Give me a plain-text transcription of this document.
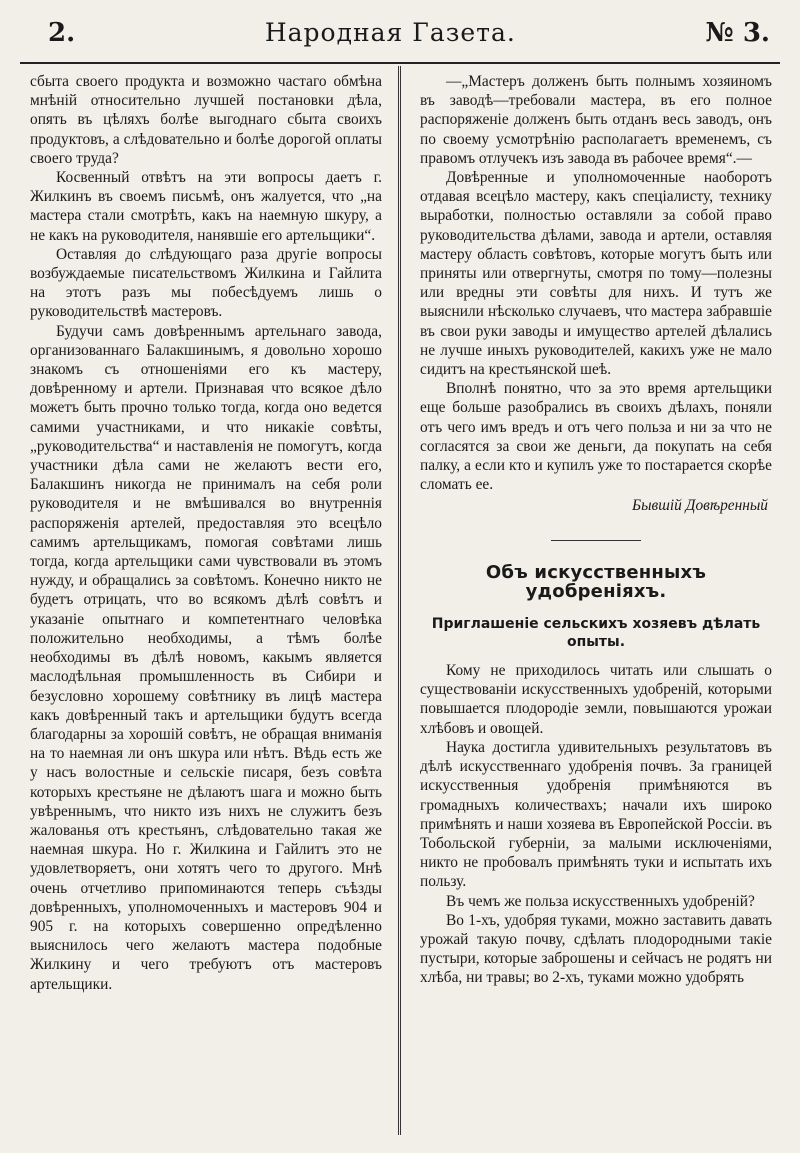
2.	Народная Газета.	№ 3.

сбыта своего продукта и возможно частаго обмѣна мнѣній относительно лучшей постановки дѣла, опять въ цѣляхъ болѣе выгоднаго сбыта своихъ продуктовъ, а слѣдовательно и болѣе дорогой оплаты своего труда?

Косвенный отвѣтъ на эти вопросы даетъ г. Жилкинъ въ своемъ письмѣ, онъ жалуется, что „на мастера стали смотрѣть, какъ на наемную шкуру, а не какъ на руководителя, нанявшіе его артельщики“.

Оставляя до слѣдующаго раза другіе вопросы возбуждаемые писательствомъ Жилкина и Гайлита на этотъ разъ мы побесѣдуемъ лишь о руководительствѣ мастеровъ.

Будучи самъ довѣреннымъ артельнаго завода, организованнаго Балакшинымъ, я довольно хорошо знакомъ съ отношеніями его къ мастеру, довѣренному и артели. Признавая что всякое дѣло можетъ быть прочно только тогда, когда оно ведется самими участниками, и что никакіе совѣты, „руководительства“ и наставленія не помогутъ, когда участники дѣла сами не желаютъ вести его, Балакшинъ никогда не принималъ на себя роли руководителя и не вмѣшивался во внутреннія распоряженія артелей, предоставляя это всецѣло самимъ артельщикамъ, помогая совѣтами лишь тогда, когда артельщики сами чувствовали въ этомъ нужду, и обращались за совѣтомъ. Конечно никто не будетъ отрицать, что во всякомъ дѣлѣ совѣтъ и указаніе опытнаго и компетентнаго человѣка положительно необходимы, а тѣмъ болѣе необходимы въ дѣлѣ новомъ, какымъ является маслодѣльная промышленность въ Сибири и безусловно хорошему совѣтнику въ лицѣ мастера какъ довѣренный такъ и артельщики будутъ всегда благодарны за хорошій совѣтъ, не обращая вниманія на то наемная ли онъ шкура или нѣтъ. Вѣдь есть же у насъ волостные и сельскіе писаря, безъ совѣта которыхъ крестьяне не дѣлаютъ шага и можно быть увѣреннымъ, что никто изъ нихъ не служитъ безъ жалованья отъ крестьянъ, слѣдовательно такая же наемная шкура. Но г. Жилкина и Гайлитъ это не удовлетворяетъ, они хотятъ чего то другого. Мнѣ очень отчетливо припоминаются теперь съѣзды довѣренныхъ, уполномоченныхъ и мастеровъ 904 и 905 г. на которыхъ совершенно опредѣленно выяснилось чего желаютъ мастера подобные Жилкину и чего требуютъ отъ мастеровъ артельщики.

—„Мастеръ долженъ быть полнымъ хозяиномъ въ заводѣ—требовали мастера, въ его полное распоряженіе долженъ быть отданъ весь заводъ, онъ по своему усмотрѣнію располагаетъ временемъ, съ правомъ отлучекъ изъ завода въ рабочее время“.—

Довѣренные и уполномоченные наоборотъ отдавая всецѣло мастеру, какъ спеціалисту, технику выработки, полностью оставляли за собой право руководительства дѣлами, завода и артели, оставляя мастеру область совѣтовъ, которые могутъ быть или приняты или отвергнуты, смотря по тому—полезны или вредны эти совѣты для нихъ. И тутъ же выяснили нѣсколько случаевъ, что мастера забравшіе въ свои руки заводы и имущество артелей дѣлались не лучше иныхъ руководителей, какихъ уже не мало сидитъ на крестьянской шеѣ.

Вполнѣ понятно, что за это время артельщики еще больше разобрались въ своихъ дѣлахъ, поняли отъ чего имъ вредъ и отъ чего польза и ни за что не согласятся за свои же деньги, да покупать на себя палку, а если кто и купилъ уже то постарается скорѣе сломать ее.

Бывшій Довѣренный
Объ искусственныхъ удобреніяхъ.
Приглашеніе сельскихъ хозяевъ дѣлать опыты.

Кому не приходилось читать или слышать о существованіи искусственныхъ удобреній, которыми повышается плодородіе земли, повышаются урожаи хлѣбовъ и овощей.

Наука достигла удивительныхъ результатовъ въ дѣлѣ искусственнаго удобренія почвъ. За границей искусственныя удобренія примѣняются въ громадныхъ количествахъ; начали ихъ широко примѣнять и наши хозяева въ Европейской Россіи. въ Тобольской губерніи, за малыми исключеніями, никто не пробовалъ примѣнять туки и испытать ихъ пользу.

Въ чемъ же польза искусственныхъ удобреній?

Во 1-хъ, удобряя туками, можно заставить давать урожай такую почву, сдѣлать плодородными такіе пустыри, которые заброшены и сейчасъ не родятъ ни хлѣба, ни травы; во 2-хъ, туками можно удобрять
